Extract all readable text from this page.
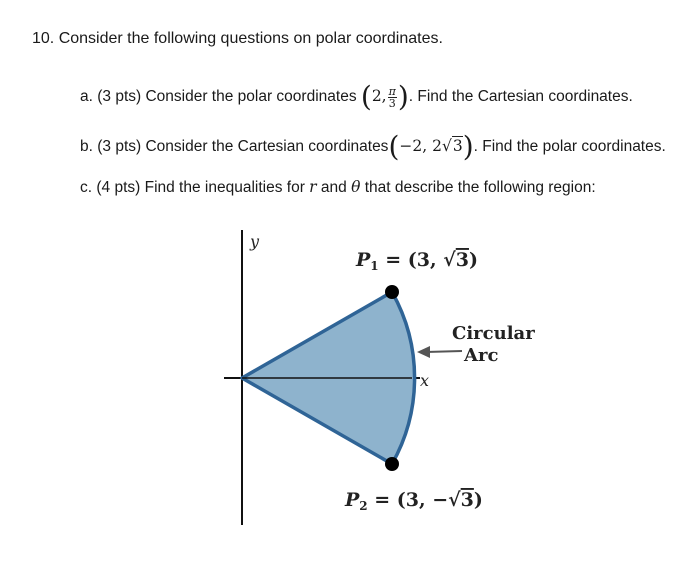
10. Consider the following questions on polar coordinates.
a. (3 pts) Consider the polar coordinates (2, $\frac{\pi}{3}$ ). Find the Cartesian coordinates.
b. (3 pts) Consider the Cartesian coordinates(−2, 2√3). Find the polar coordinates.
c. (4 pts) Find the inequalities for r and θ that describe the following region:
y
x
$P_1 = (3$, √3)
$P_2 = (3$, −√3)
Circular
Arc
